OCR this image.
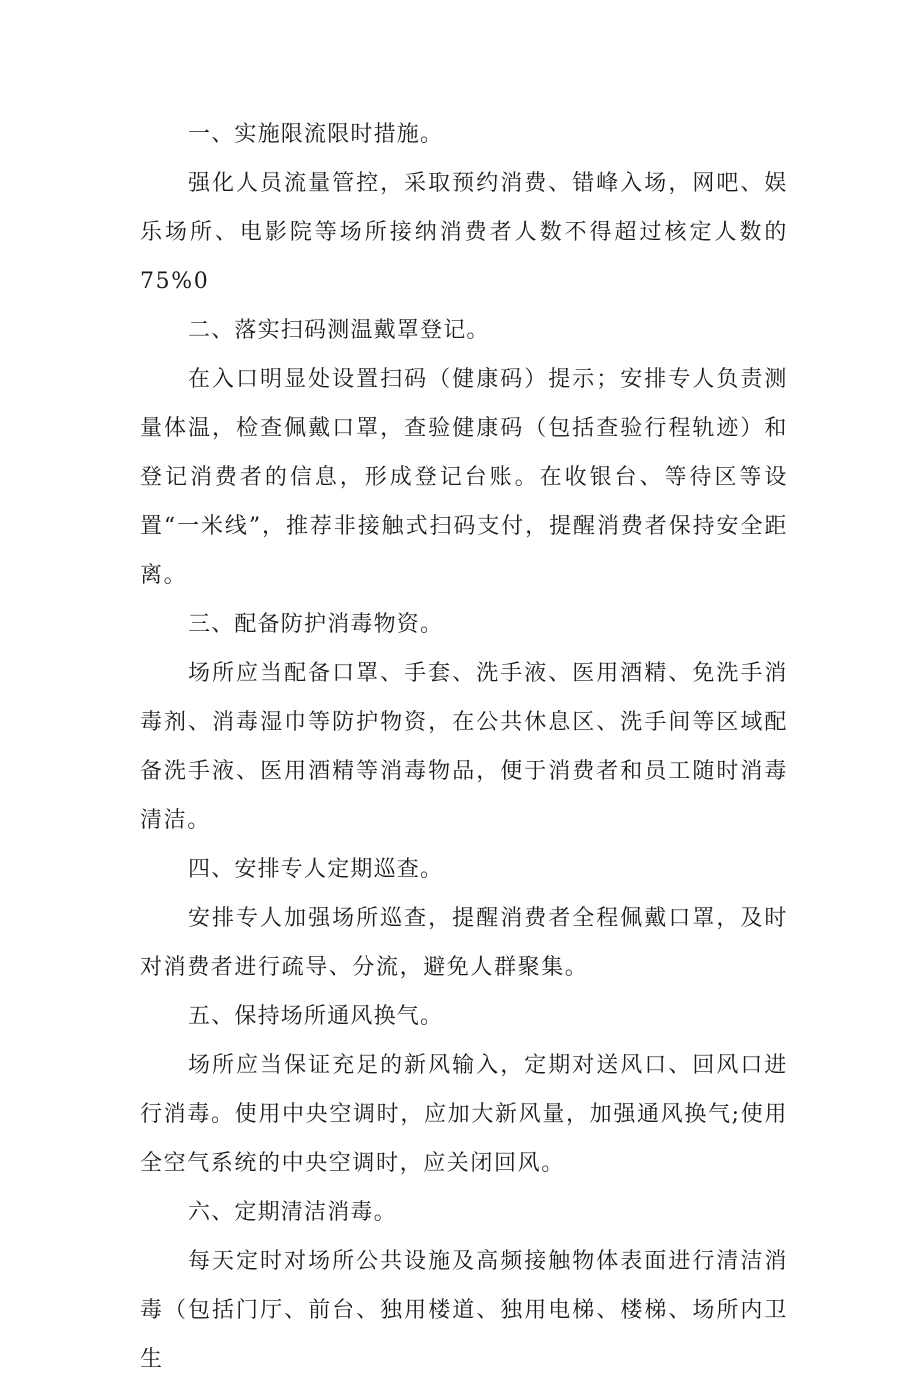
一、实施限流限时措施。

强化人员流量管控，采取预约消费、错峰入场，网吧、娱乐场所、电影院等场所接纳消费者人数不得超过核定人数的75%0

二、落实扫码测温戴罩登记。

在入口明显处设置扫码（健康码）提示；安排专人负责测量体温，检查佩戴口罩，查验健康码（包括查验行程轨迹）和登记消费者的信息，形成登记台账。在收银台、等待区等设置“一米线”，推荐非接触式扫码支付，提醒消费者保持安全距离。

三、配备防护消毒物资。

场所应当配备口罩、手套、洗手液、医用酒精、免洗手消毒剂、消毒湿巾等防护物资，在公共休息区、洗手间等区域配备洗手液、医用酒精等消毒物品，便于消费者和员工随时消毒清洁。

四、安排专人定期巡查。

安排专人加强场所巡查，提醒消费者全程佩戴口罩，及时对消费者进行疏导、分流，避免人群聚集。

五、保持场所通风换气。

场所应当保证充足的新风输入，定期对送风口、回风口进行消毒。使用中央空调时，应加大新风量，加强通风换气;使用全空气系统的中央空调时，应关闭回风。

六、定期清洁消毒。

每天定时对场所公共设施及高频接触物体表面进行清洁消毒（包括门厅、前台、独用楼道、独用电梯、楼梯、场所内卫生
